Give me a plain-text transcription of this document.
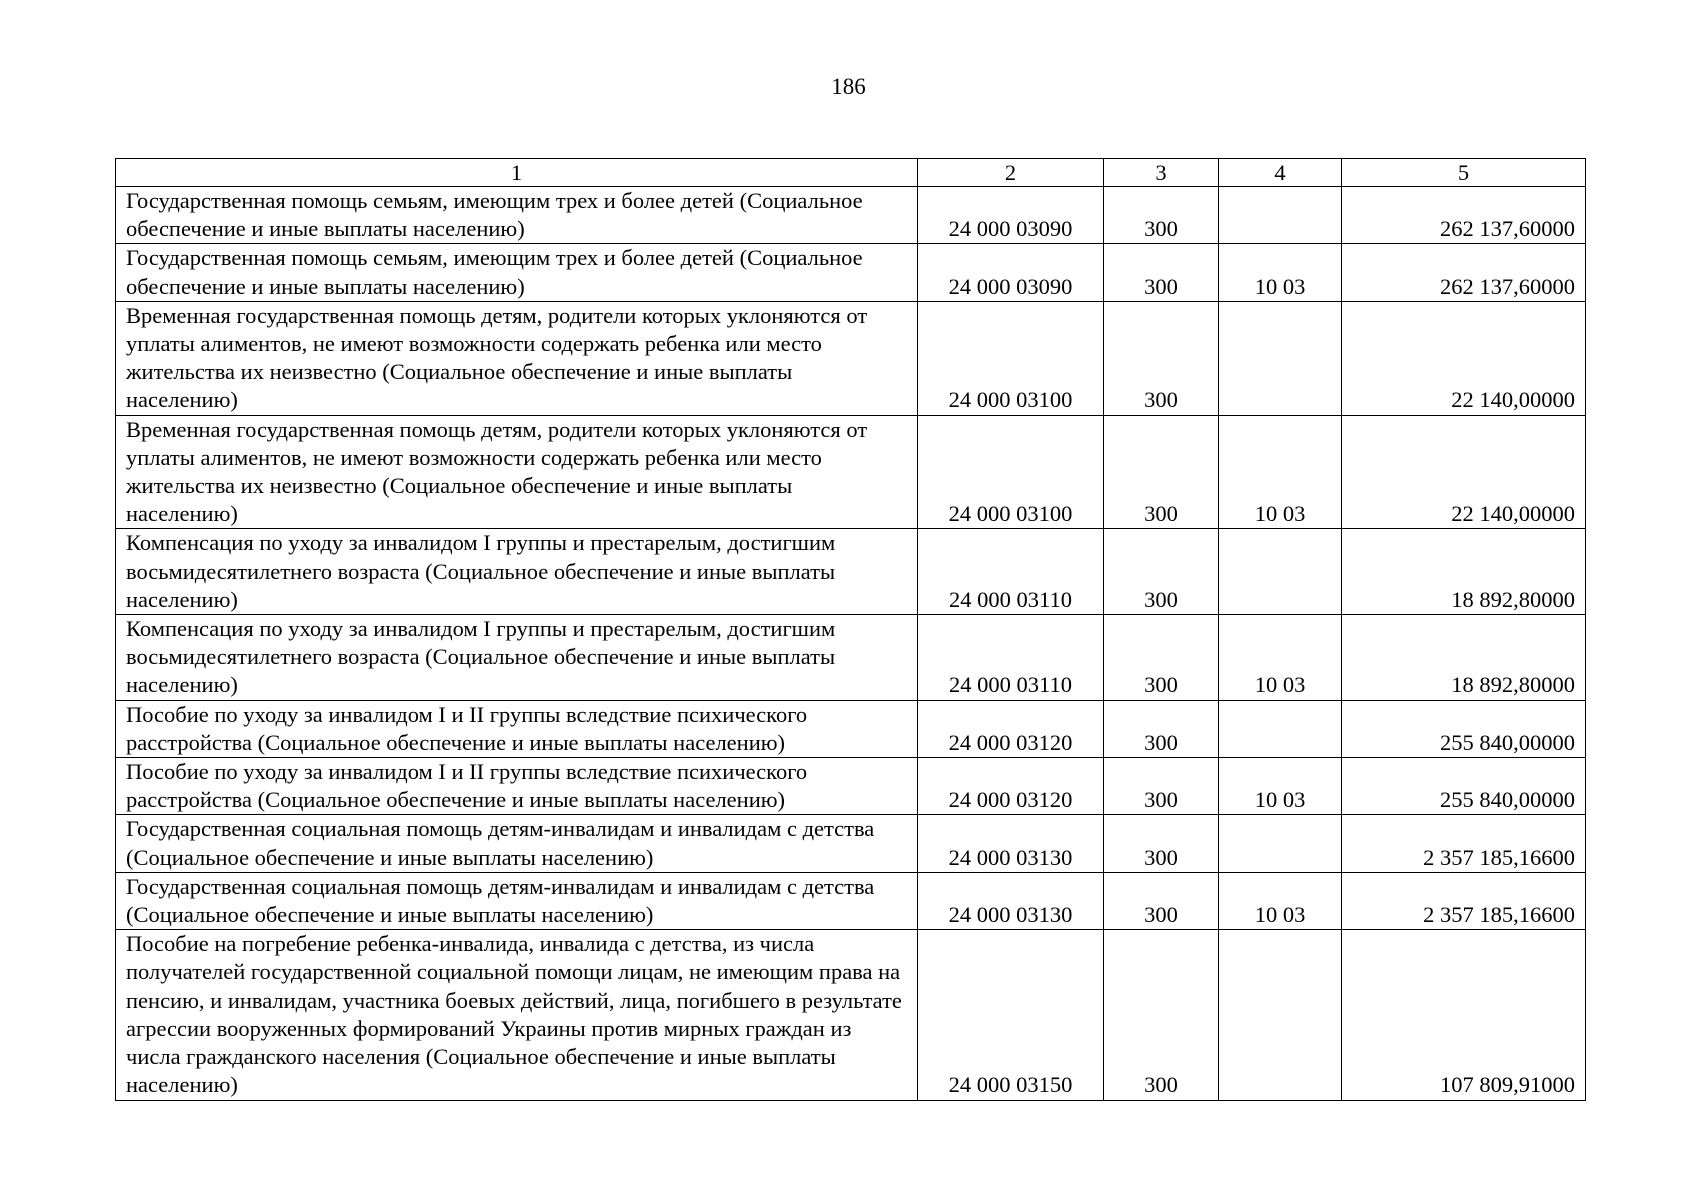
186
1	2	3	4	5
Государственная помощь семьям, имеющим трех и более детей (Социальное обеспечение и иные выплаты населению)	24 000 03090	300		262 137,60000
Государственная помощь семьям, имеющим трех и более детей (Социальное обеспечение и иные выплаты населению)	24 000 03090	300	10 03	262 137,60000
Временная государственная помощь детям, родители которых уклоняются от уплаты алиментов, не имеют возможности содержать ребенка или место жительства их неизвестно (Социальное обеспечение и иные выплаты населению)	24 000 03100	300		22 140,00000
Временная государственная помощь детям, родители которых уклоняются от уплаты алиментов, не имеют возможности содержать ребенка или место жительства их неизвестно (Социальное обеспечение и иные выплаты населению)	24 000 03100	300	10 03	22 140,00000
Компенсация по уходу за инвалидом I группы и престарелым, достигшим восьмидесятилетнего возраста (Социальное обеспечение и иные выплаты населению)	24 000 03110	300		18 892,80000
Компенсация по уходу за инвалидом I группы и престарелым, достигшим восьмидесятилетнего возраста (Социальное обеспечение и иные выплаты населению)	24 000 03110	300	10 03	18 892,80000
Пособие по уходу за инвалидом I и II группы вследствие психического расстройства (Социальное обеспечение и иные выплаты населению)	24 000 03120	300		255 840,00000
Пособие по уходу за инвалидом I и II группы вследствие психического расстройства (Социальное обеспечение и иные выплаты населению)	24 000 03120	300	10 03	255 840,00000
Государственная социальная помощь детям-инвалидам и инвалидам с детства (Социальное обеспечение и иные выплаты населению)	24 000 03130	300		2 357 185,16600
Государственная социальная помощь детям-инвалидам и инвалидам с детства (Социальное обеспечение и иные выплаты населению)	24 000 03130	300	10 03	2 357 185,16600
Пособие на погребение ребенка-инвалида, инвалида с детства, из числа получателей государственной социальной помощи лицам, не имеющим права на пенсию, и инвалидам, участника боевых действий, лица, погибшего в результате агрессии вооруженных формирований Украины против мирных граждан из числа гражданского населения (Социальное обеспечение и иные выплаты населению)	24 000 03150	300		107 809,91000
